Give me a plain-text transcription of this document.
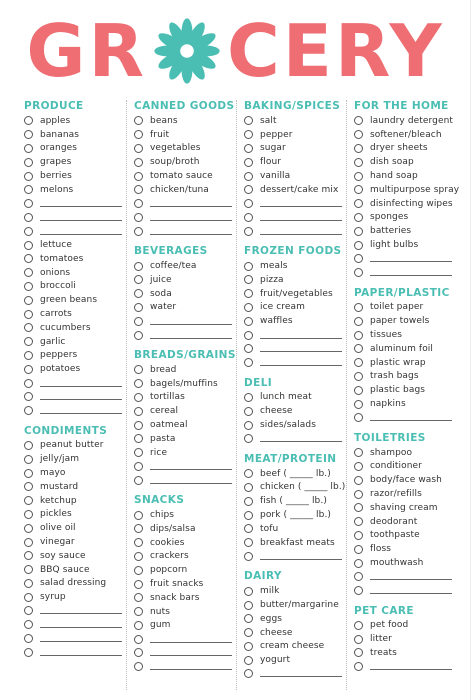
GR CERY
PRODUCE
apples
bananas
oranges
grapes
berries
melons
lettuce
tomatoes
onions
broccoli
green beans
carrots
cucumbers
garlic
peppers
potatoes
CONDIMENTS
peanut butter
jelly/jam
mayo
mustard
ketchup
pickles
olive oil
vinegar
soy sauce
BBQ sauce
salad dressing
syrup
CANNED GOODS
beans
fruit
vegetables
soup/broth
tomato sauce
chicken/tuna
BEVERAGES
coffee/tea
juice
soda
water
BREADS/GRAINS
bread
bagels/muffins
tortillas
cereal
oatmeal
pasta
rice
SNACKS
chips
dips/salsa
cookies
crackers
popcorn
fruit snacks
snack bars
nuts
gum
BAKING/SPICES
salt
pepper
sugar
flour
vanilla
dessert/cake mix
FROZEN FOODS
meals
pizza
fruit/vegetables
ice cream
waffles
DELI
lunch meat
cheese
sides/salads
MEAT/PROTEIN
beef ( _____ lb.)
chicken ( _____ lb.)
fish ( _____ lb.)
pork ( _____ lb.)
tofu
breakfast meats
DAIRY
milk
butter/margarine
eggs
cheese
cream cheese
yogurt
FOR THE HOME
laundry detergent
softener/bleach
dryer sheets
dish soap
hand soap
multipurpose spray
disinfecting wipes
sponges
batteries
light bulbs
PAPER/PLASTIC
toilet paper
paper towels
tissues
aluminum foil
plastic wrap
trash bags
plastic bags
napkins
TOILETRIES
shampoo
conditioner
body/face wash
razor/refills
shaving cream
deodorant
toothpaste
floss
mouthwash
PET CARE
pet food
litter
treats
